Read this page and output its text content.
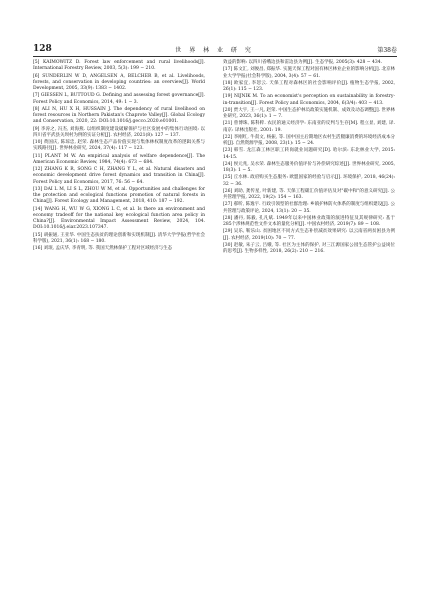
128	世 界 林 业 研 究	第38卷

[5] KAIMOWITZ D. Forest law enforcement and rural livelihoods[J]. International Forestry Review, 2003, 5(3): 199 − 210.

[6] SUNDERLIN W D, ANGELSEN A, BELCHER B, et al. Livelihoods, forests, and conservation in developing countries: an overview[J]. World Development, 2005, 33(9): 1383 − 1402.

[7] GIESSEN L, BUTTOUD G. Defining and assessing forest governance[J]. Forest Policy and Economics, 2014, 49: 1 − 3.

[8] ALI N, HU X H, HUSSAIN J. The dependency of rural livelihood on forest resources in Northern Pakistan's Chaprote Valley[J]. Global Ecology and Conservation, 2020, 22: DOI:10.1016/j.gecco.2020.e01001.

[9] 李涛之, 冯杰, 刘海燕. 以组织制度建设破解保护与社区发展中的集体行动困境: 以四川省平武县关坝村为例的实证分析[J]. 农村经济, 2021(8): 127 − 137.

[10] 黄国庆, 陈琼忠, 赵荣. 森林生态产品价值实现与集体林权制度改革的逻辑关系与实践路径[J]. 世界林业研究, 2024, 37(4): 117 − 123.

[11] PLANT M W. An empirical analysis of welfare dependence[J]. The American Economic Review, 1984, 74(4): 673 − 684.

[12] ZHANG K R, SONG C H, ZHANG Y L, et al. Natural disasters and economic development drive forest dynamics and transition in China[J]. Forest Policy and Economics, 2017, 76: 56 − 64.

[13] DAI L M, LI S L, ZHOU W M, et al. Opportunities and challenges for the protection and ecological functions promotion of natural forests in China[J]. Forest Ecology and Management, 2018, 410: 187 − 192.

[14] WANG H, WU W G, XIONG L C, et al. Is there an environment and economy tradeoff for the national key ecological function area policy in China?[J]. Environmental Impact Assessment Review, 2024, 104. DOI:10.1016/j.eiar.2023.107347.

[15] 胡振通, 王亚华. 中国生态扶贫的理论创新和实现机制[J]. 清华大学学报(哲学社会科学版), 2021, 36(1): 168 − 180.

[16] 刘珉, 孟庆华, 李青明, 等. 我国天然林保护工程对区域经济与生态

效益的影响: 以四川省峨边县和雷边县为例[J]. 生态学报, 2005(3): 428 − 434.

[17] 陈文汇, 刘俊昌, 郑振华. 实施天保工程对国有林区林业企业的影响分析[J]. 北京林业大学学报(社会科学版), 2004, 3(4): 57 − 61.

[18] 欧家宜, 李恕云. 天保工程对森林区的社会影响评价[J]. 植物生态学报, 2002, 26(1): 115 − 123.

[19] NIJNIK M. To an economist's perception on sustainability in forestry-in-transition[J]. Forest Policy and Economics, 2004, 6(3/4): 403 − 413.

[20] 贾大宇, 王一凡, 赵荣. 中国生态护林员政策实施机制、成效及动态调整[J]. 世界林业研究, 2023, 36(1): 1 − 7.

[21] 曾博珠, 陈科粹. 农民的通义经济学: 东南亚的反判与生存[M]. 程立显, 刘建, 译. 南京: 译林出版社, 2001: 19.

[22] 李刚红, 牛叔文, 杨振, 等. 国中国主后期地区农村生活腿廉消费的环境经济成本分析[J]. 自然资源学报, 2008, 23(1): 15 − 24.

[23] 韩雪. 龙江森工林区职工转岗就业问题研究[D]. 哈尔滨: 东北林业大学, 2015: 14-15.

[24] 侯元兆, 吴水荣. 森林生态服务价值评价与补偿研究综述[J]. 世界林业研究, 2005, 18(3): 1 − 5.

[25] 丘水林. 政府购买生态服务: 欧盟国家的经验与启示[J]. 环境保护, 2018, 46(24): 32 − 36.

[26] 刘助, 龚传星, 叶新建, 等. 天保工程碳汇价值评估及对"碳中和"的意义研究[J]. 公共管理学报, 2022, 19(2): 154 − 163.

[27] 郝昕, 陈逸宇. 行政引领型的社群治理: 乡镇护林防火体系的制度与组织建设[J]. 公共管理与政策评论, 2024, 13(1): 20 − 35.

[28] 潘丹, 陈毅, 孔凡斌. 1949年以来中国林业政策的演进特征及其规律研究: 基于285个涉林规范性文件文本的量化分析[J]. 中国农村经济, 2019(7): 89 − 108.

[29] 吴乐, 靳乐山. 贫困地区不同方式生态补偿减贫效果研究: 以云南省两贫困县为例[J]. 农村经济, 2019(10): 70 − 77.

[30] 赵敏, 朱子云, 吕娥, 等. 社区为主体的保护, 对三江源国家公园生态管护公益岗位的思考[J]. 生物多样性, 2018, 26(2): 210 − 216.
